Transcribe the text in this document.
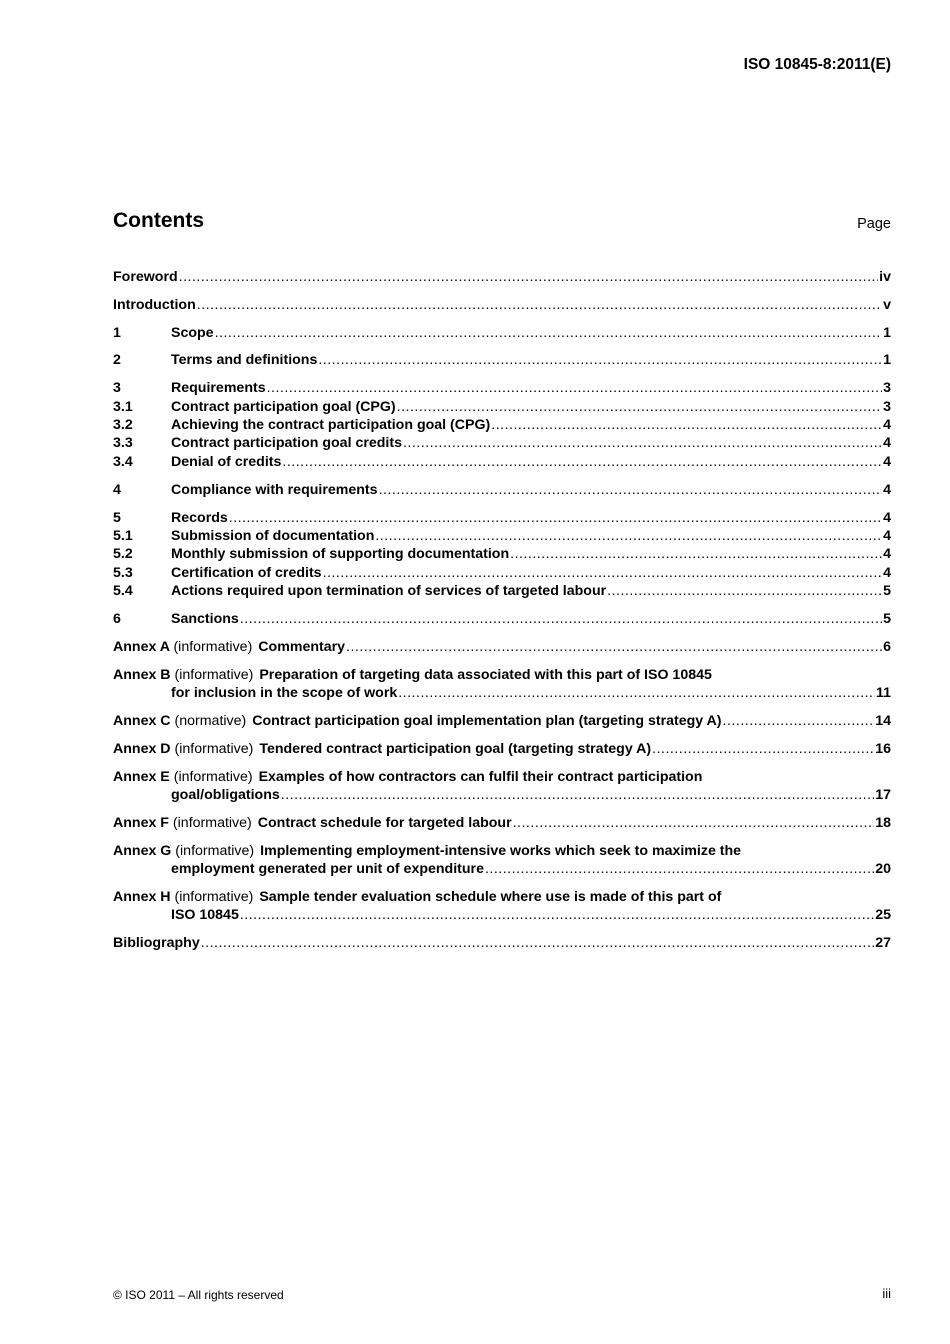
ISO 10845-8:2011(E)
Contents	Page
Foreword .....	iv
Introduction .....	v
1	Scope .....	1
2	Terms and definitions .....	1
3	Requirements .....	3
3.1	Contract participation goal (CPG) .....	3
3.2	Achieving the contract participation goal (CPG) .....	4
3.3	Contract participation goal credits .....	4
3.4	Denial of credits .....	4
4	Compliance with requirements .....	4
5	Records .....	4
5.1	Submission of documentation .....	4
5.2	Monthly submission of supporting documentation .....	4
5.3	Certification of credits .....	4
5.4	Actions required upon termination of services of targeted labour .....	5
6	Sanctions .....	5
Annex A (informative) Commentary .....	6
Annex B (informative) Preparation of targeting data associated with this part of ISO 10845
for inclusion in the scope of work .....	11
Annex C (normative) Contract participation goal implementation plan (targeting strategy A) .....	14
Annex D (informative) Tendered contract participation goal (targeting strategy A) .....	16
Annex E (informative) Examples of how contractors can fulfil their contract participation
goal/obligations .....	17
Annex F (informative) Contract schedule for targeted labour .....	18
Annex G (informative) Implementing employment-intensive works which seek to maximize the
employment generated per unit of expenditure .....	20
Annex H (informative) Sample tender evaluation schedule where use is made of this part of
ISO 10845 .....	25
Bibliography .....	27
© ISO 2011 – All rights reserved	iii
